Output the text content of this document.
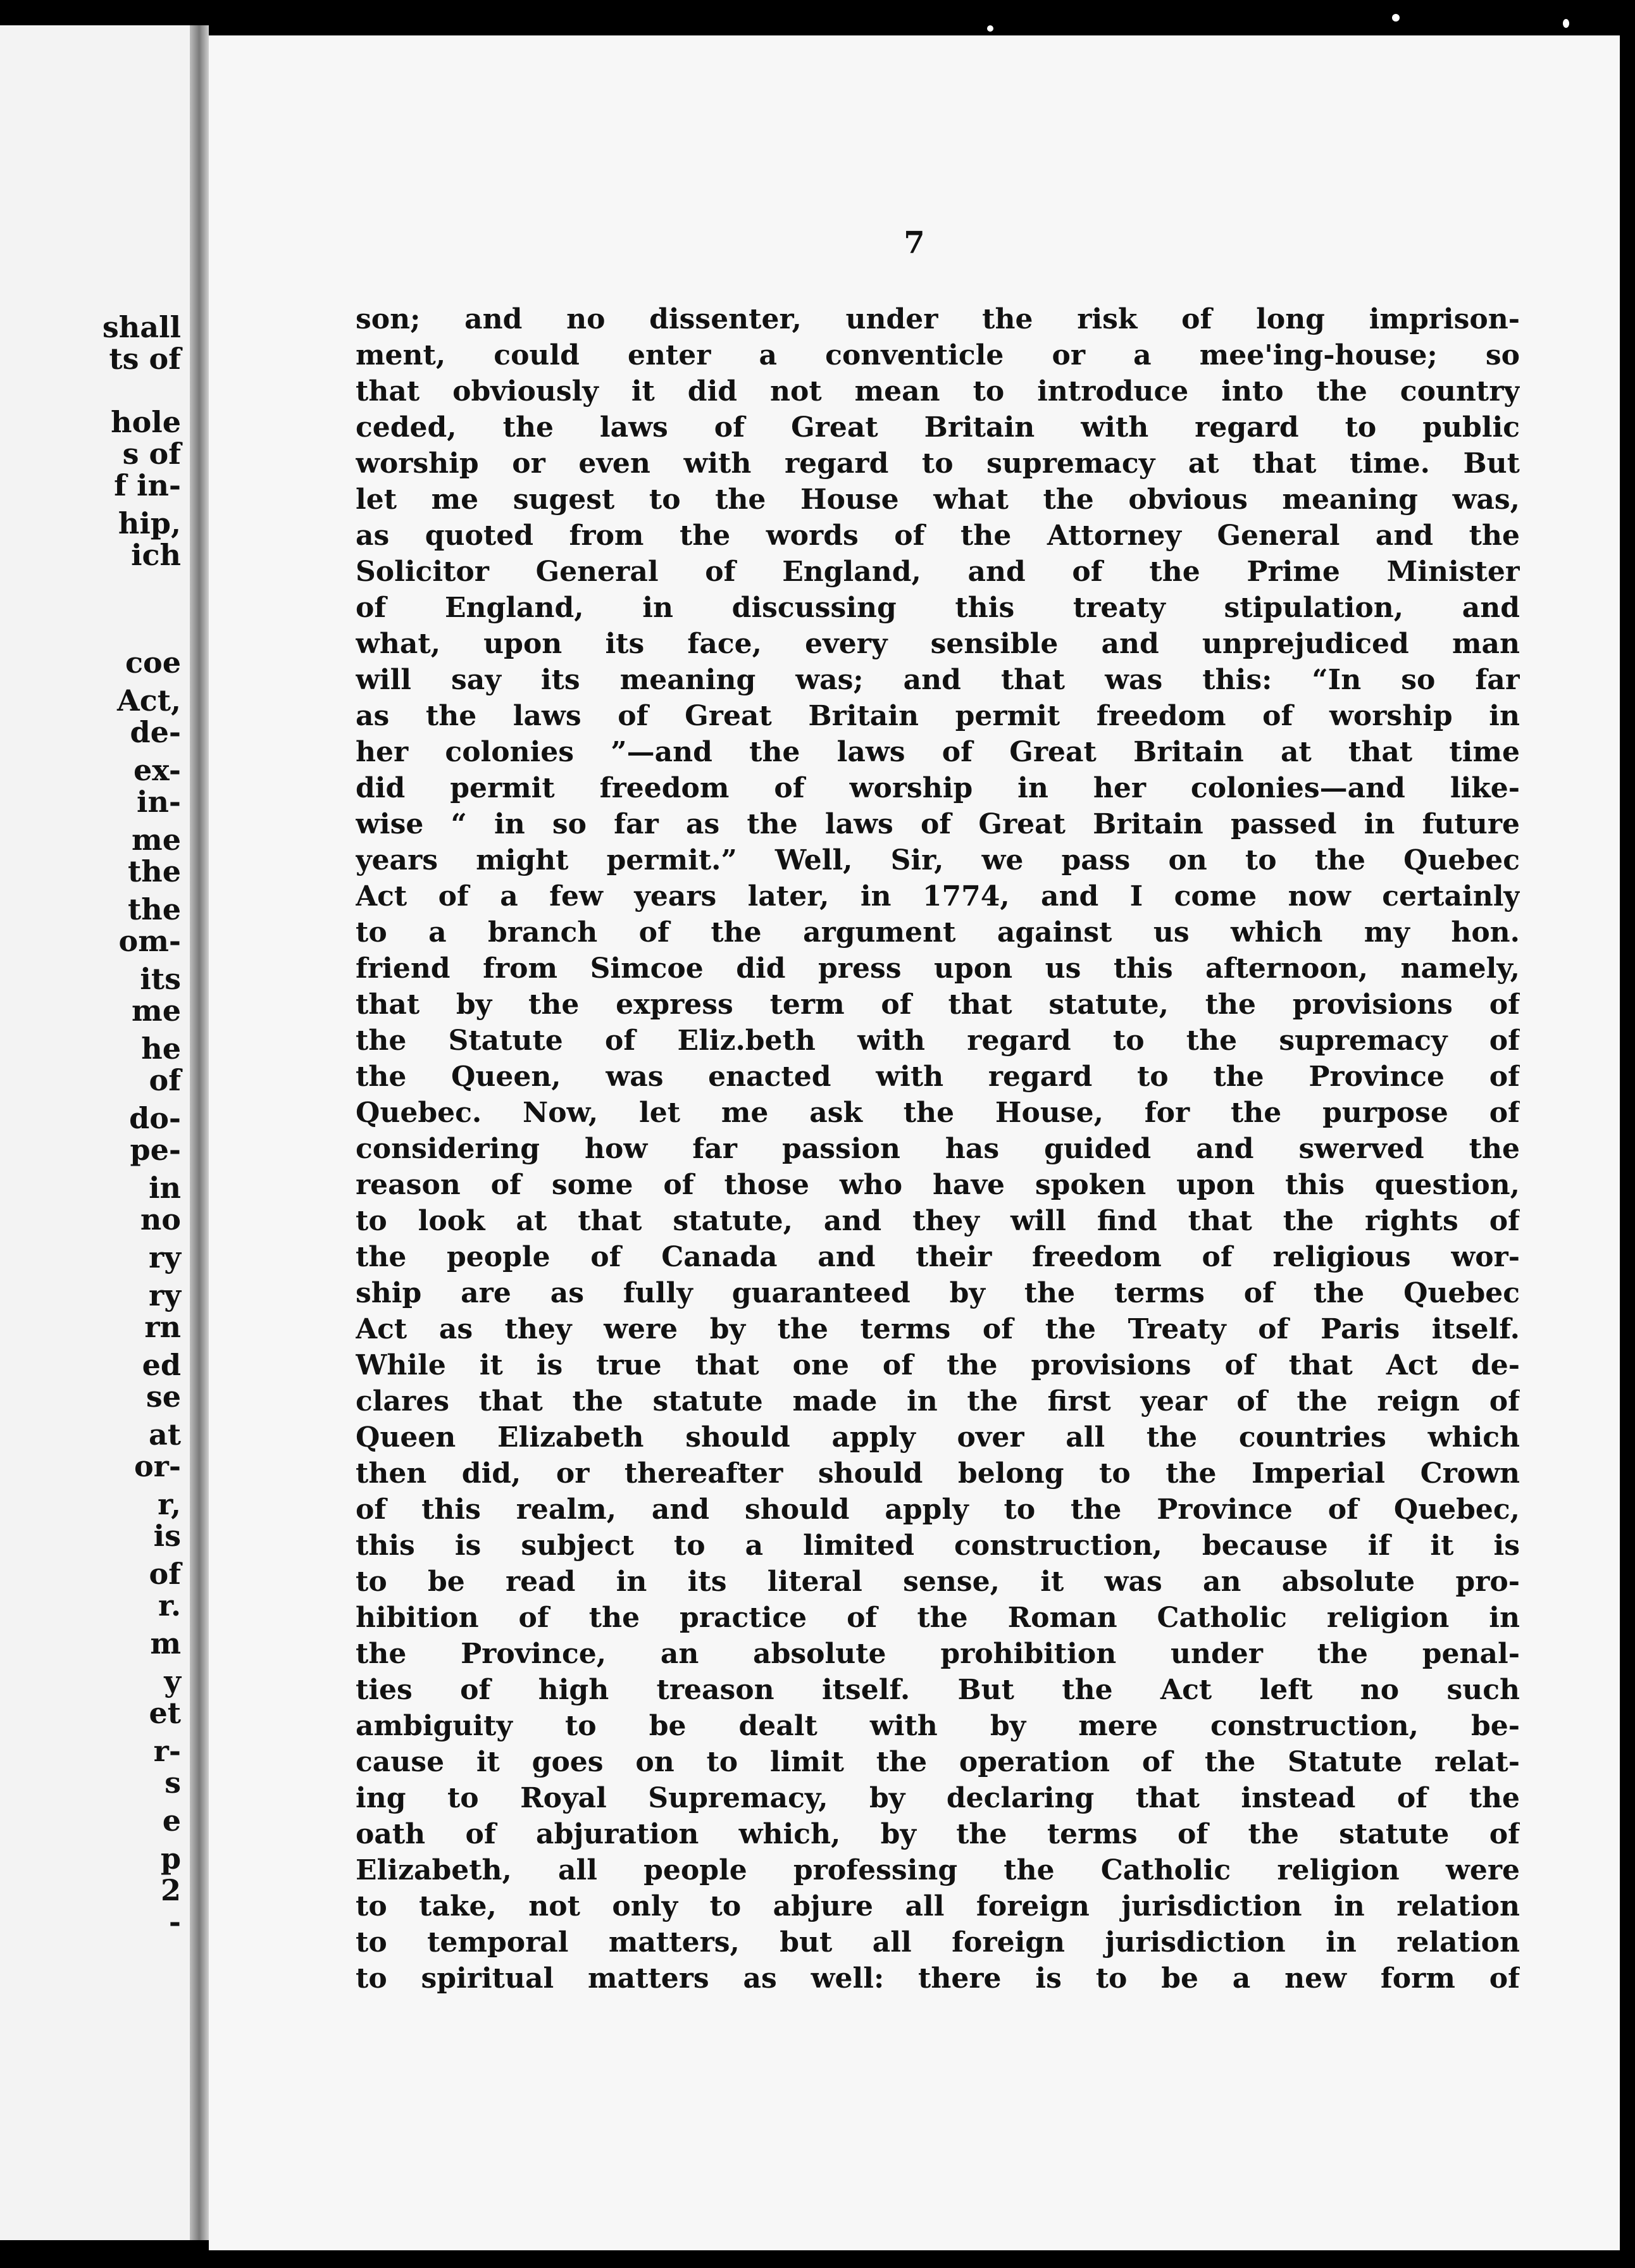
shall
ts of
hole
s of
f in-
hip,
ich
coe
Act,
de-
ex-
in-
me
the
the
om-
its
me
he
of
do-
pe-
in
no
ry
ry
rn
ed
se
at
or-
r,
is
of
r.
m
y
et
r-
s
e
p
2
-
7
son; and no dissenter, under the risk of long imprison-
ment, could enter a conventicle or a mee'ing-house; so
that obviously it did not mean to introduce into the country
ceded, the laws of Great Britain with regard to public
worship or even with regard to supremacy at that time. But
let me sugest to the House what the obvious meaning was,
as quoted from the words of the Attorney General and the
Solicitor General of England, and of the Prime Minister
of England, in discussing this treaty stipulation, and
what, upon its face, every sensible and unprejudiced man
will say its meaning was; and that was this: “In so far
as the laws of Great Britain permit freedom of worship in
her colonies ”—and the laws of Great Britain at that time
did permit freedom of worship in her colonies—and like-
wise “ in so far as the laws of Great Britain passed in future
years might permit.” Well, Sir, we pass on to the Quebec
Act of a few years later, in 1774, and I come now certainly
to a branch of the argument against us which my hon.
friend from Simcoe did press upon us this afternoon, namely,
that by the express term of that statute, the provisions of
the Statute of Eliz.beth with regard to the supremacy of
the Queen, was enacted with regard to the Province of
Quebec. Now, let me ask the House, for the purpose of
considering how far passion has guided and swerved the
reason of some of those who have spoken upon this question,
to look at that statute, and they will find that the rights of
the people of Canada and their freedom of religious wor-
ship are as fully guaranteed by the terms of the Quebec
Act as they were by the terms of the Treaty of Paris itself.
While it is true that one of the provisions of that Act de-
clares that the statute made in the first year of the reign of
Queen Elizabeth should apply over all the countries which
then did, or thereafter should belong to the Imperial Crown
of this realm, and should apply to the Province of Quebec,
this is subject to a limited construction, because if it is
to be read in its literal sense, it was an absolute pro-
hibition of the practice of the Roman Catholic religion in
the Province, an absolute prohibition under the penal-
ties of high treason itself. But the Act left no such
ambiguity to be dealt with by mere construction, be-
cause it goes on to limit the operation of the Statute relat-
ing to Royal Supremacy, by declaring that instead of the
oath of abjuration which, by the terms of the statute of
Elizabeth, all people professing the Catholic religion were
to take, not only to abjure all foreign jurisdiction in relation
to temporal matters, but all foreign jurisdiction in relation
to spiritual matters as well: there is to be a new form of
